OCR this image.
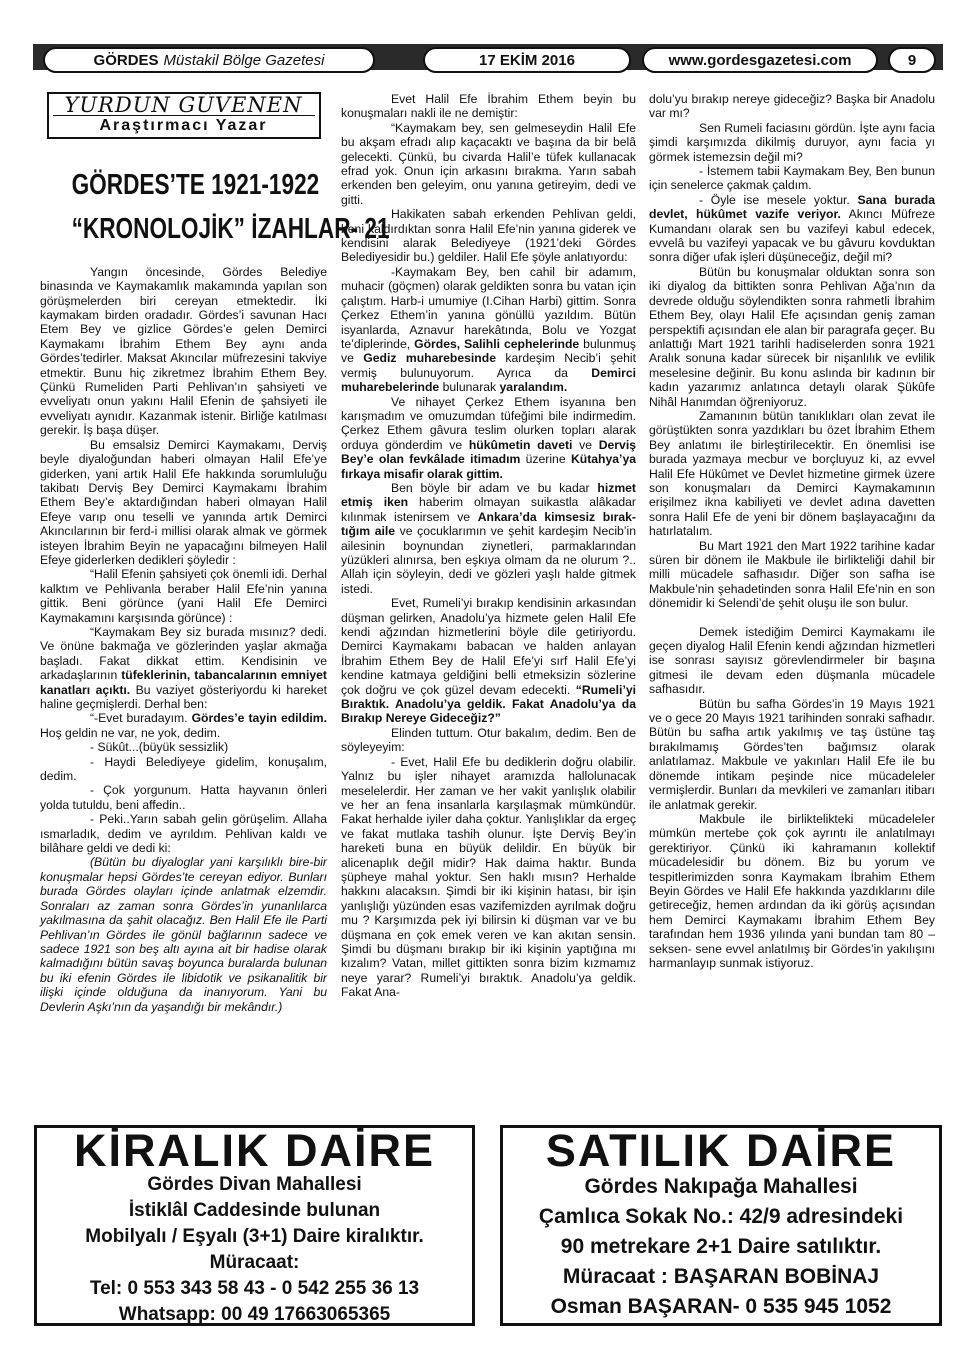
GÖRDES Müstakil Bölge Gazetesi	17 EKİM 2016	www.gordesgazetesi.com	9
YURDUN GÜVENEN
Araştırmacı Yazar
GÖRDES’TE 1921-1922
“KRONOLOJİK” İZAHLAR- 21

Yangın öncesinde, Gördes Belediye binasında ve Kaymakamlık makamında yapılan son görüşmelerden biri cereyan etmektedir. İki kaymakam birden oradadır. Gördes’i savunan Hacı Etem Bey ve gizlice Gördes’e gelen Demirci Kaymakamı İbrahim Ethem Bey aynı anda Gördes’tedirler. Maksat Akıncılar müfrezesini takviye etmektir. Bunu hiç zikretmez İbrahim Ethem Bey. Çünkü Rumeliden Parti Pehlivan’ın şahsiyeti ve evveliyatı onun yakını Halil Efenin de şahsiyeti ile evveliyatı aynıdır. Kazanmak istenir. Birliğe katılması gerekir. İş başa düşer.

Bu emsalsiz Demirci Kaymakamı, Derviş beyle diyaloğundan haberi olmayan Halil Efe’ye giderken, yani artık Halil Efe hakkında sorumluluğu takibatı Derviş Bey Demirci Kaymakamı İbrahim Ethem Bey’e aktardığından haberi olmayan Halil Efeye varıp onu teselli ve yanında artık Demirci Akıncılarının bir ferd-i millisi olarak almak ve görmek isteyen İbrahim Beyin ne yapacağını bilmeyen Halil Efeye giderlerken dedikleri şöyledir :

“Halil Efenin şahsiyeti çok önemli idi. Derhal kalktım ve Pehlivanla beraber Halil Efe’nin yanına gittik. Beni görünce (yani Halil Efe Demirci Kaymakamını karşısında görünce) :

“Kaymakam Bey siz burada mısınız? dedi. Ve önüne bakmağa ve gözlerinden yaşlar akmağa başladı. Fakat dikkat ettim. Kendisinin ve arkadaşlarının tüfeklerinin, tabancalarının emniyet kanatları açıktı. Bu vaziyet gösteriyordu ki hareket haline geçmişlerdi. Derhal ben:

“-Evet buradayım. Gördes’e tayin edildim. Hoş geldin ne var, ne yok, dedim.

- Sükût...(büyük sessizlik)

- Haydi Belediyeye gidelim, konuşalım, dedim.

- Çok yorgunum. Hatta hayvanın önleri yolda tutuldu, beni affedin..

- Peki..Yarın sabah gelin görüşelim. Allaha ısmarladık, dedim ve ayrıldım. Pehlivan kaldı ve bilâhare geldi ve dedi ki:

(Bütün bu diyaloglar yani karşılıklı bire-bir konuşmalar hepsi Gördes’te cereyan ediyor. Bunları burada Gördes olayları içinde anlatmak elzemdir. Sonraları az zaman sonra Gördes’in yunanlılarca yakılmasına da şahit olacağız. Ben Halil Efe ile Parti Pehlivan’ın Gördes ile gönül bağlarının sadece ve sadece 1921 son beş altı ayına ait bir hadise olarak kalmadığını bütün savaş boyunca buralarda bulunan bu iki efenin Gördes ile libidotik ve psikanalitik bir ilişki içinde olduğuna da inanıyorum. Yani bu Devlerin Aşkı’nın da yaşandığı bir mekândır.)

Evet Halil Efe İbrahim Ethem beyin bu konuşmaları nakli ile ne demiştir:

“Kaymakam bey, sen gelmeseydin Halil Efe bu akşam efradı alıp kaçacaktı ve başına da bir belâ gelecekti. Çünkü, bu civarda Halil’e tüfek kullanacak efrad yok. Onun için arkasını bırakma. Yarın sabah erkenden ben geleyim, onu yanına getireyim, dedi ve gitti.

Hakikaten sabah erkenden Pehlivan geldi, beni kaldırdıktan sonra Halil Efe’nin yanına giderek ve kendisini alarak Belediyeye (1921’deki Gördes Belediyesidir bu.) geldiler. Halil Efe şöyle anlatıyordu:

-Kaymakam Bey, ben cahil bir adamım, muhacir (göçmen) olarak geldikten sonra bu vatan için çalıştım. Harb-i umumiye (I.Cihan Harbi) gittim. Sonra Çerkez Ethem’in yanına gönüllü yazıldım. Bütün isyanlarda, Aznavur harekâtında, Bolu ve Yozgat te’diplerinde, Gördes, Salihli cephelerinde bulunmuş ve Gediz muharebesinde kardeşim Necib’i şehit vermiş bulunuyorum. Ayrıca da Demirci muharebelerinde bulunarak yaralandım.

Ve nihayet Çerkez Ethem isyanına ben karışmadım ve omuzumdan tüfeğimi bile indirmedim. Çerkez Ethem gâvura teslim olurken topları alarak orduya gönderdim ve hükûmetin daveti ve Derviş Bey’e olan fevkâlade itimadım üzerine Kütahya’ya fırkaya misafir olarak gittim.

Ben böyle bir adam ve bu kadar hizmet etmiş iken haberim olmayan suikastla alâkadar kılınmak istenirsem ve Ankara’da kimsesiz bırak-tığım aile ve çocuklarımın ve şehit kardeşim Necib’in ailesinin boynundan ziynetleri, parmaklarından yüzükleri alınırsa, ben eşkıya olmam da ne olurum ?.. Allah için söyleyin, dedi ve gözleri yaşlı halde gitmek istedi.

Evet, Rumeli’yi bırakıp kendisinin arkasından düşman gelirken, Anadolu’ya hizmete gelen Halil Efe kendi ağzından hizmetlerini böyle dile getiriyordu. Demirci Kaymakamı babacan ve halden anlayan İbrahim Ethem Bey de Halil Efe’yi sırf Halil Efe’yi kendine katmaya geldiğini belli etmeksizin sözlerine çok doğru ve çok güzel devam edecekti. “Rumeli’yi Bıraktık. Anadolu’ya geldik. Fakat Anadolu’ya da Bırakıp Nereye Gideceğiz?”

Elinden tuttum. Otur bakalım, dedim. Ben de söyleyeyim:

- Evet, Halil Efe bu dediklerin doğru olabilir. Yalnız bu işler nihayet aramızda hallolunacak meselelerdir. Her zaman ve her vakit yanlışlık olabilir ve her an fena insanlarla karşılaşmak mümkündür. Fakat herhalde iyiler daha çoktur. Yanlışlıklar da ergeç ve fakat mutlaka tashih olunur. İşte Derviş Bey’in hareketi buna en büyük delildir. En büyük bir alicenaplık değil midir? Hak daima haktır. Bunda şüpheye mahal yoktur. Sen haklı mısın? Herhalde hakkını alacaksın. Şimdi bir iki kişinin hatası, bir işin yanlışlığı yüzünden esas vazifemizden ayrılmak doğru mu ? Karşımızda pek iyi bilirsin ki düşman var ve bu düşmana en çok emek veren ve kan akıtan sensin. Şimdi bu düşmanı bırakıp bir iki kişinin yaptığına mı kızalım? Vatan, millet gittikten sonra bizim kızmamız neye yarar? Rumeli’yi bıraktık. Anadolu’ya geldik. Fakat Ana-

dolu’yu bırakıp nereye gideceğiz? Başka bir Anadolu var mı?

Sen Rumeli faciasını gördün. İşte aynı facia şimdi karşımızda dikilmiş duruyor, aynı facia yı görmek istemezsin değil mi?

- İstemem tabii Kaymakam Bey, Ben bunun için senelerce çakmak çaldım.

- Öyle ise mesele yoktur. Sana burada devlet, hükûmet vazife veriyor. Akıncı Müfreze Kumandanı olarak sen bu vazifeyi kabul edecek, evvelâ bu vazifeyi yapacak ve bu gâvuru kovduktan sonra diğer ufak işleri düşüneceğiz, değil mi?

Bütün bu konuşmalar olduktan sonra son iki diyalog da bittikten sonra Pehlivan Ağa’nın da devrede olduğu söylendikten sonra rahmetli İbrahim Ethem Bey, olayı Halil Efe açısından geniş zaman perspektifi açısından ele alan bir paragrafa geçer. Bu anlattığı Mart 1921 tarihli hadiselerden sonra 1921 Aralık sonuna kadar sürecek bir nişanlılık ve evlilik meselesine değinir. Bu konu aslında bir kadının bir kadın yazarımız anlatınca detaylı olarak Şükûfe Nihâl Hanımdan öğreniyoruz.

Zamanının bütün tanıklıkları olan zevat ile görüştükten sonra yazdıkları bu özet İbrahim Ethem Bey anlatımı ile birleştirilecektir. En önemlisi ise burada yazmaya mecbur ve borçluyuz ki, az evvel Halil Efe Hükûmet ve Devlet hizmetine girmek üzere son konuşmaları da Demirci Kaymakamının erişilmez ikna kabiliyeti ve devlet adına davetten sonra Halil Efe de yeni bir dönem başlayacağını da hatırlatalım.

Bu Mart 1921 den Mart 1922 tarihine kadar süren bir dönem ile Makbule ile birlikteliği dahil bir milli mücadele safhasıdır. Diğer son safha ise Makbule’nin şehadetinden sonra Halil Efe’nin en son dönemidir ki Selendi’de şehit oluşu ile son bulur.

Demek istediğim Demirci Kaymakamı ile geçen diyalog Halil Efenin kendi ağzından hizmetleri ise sonrası sayısız görevlendirmeler bir başına gitmesi ile devam eden düşmanla mücadele safhasıdır.

Bütün bu safha Gördes’in 19 Mayıs 1921 ve o gece 20 Mayıs 1921 tarihinden sonraki safhadır. Bütün bu safha artık yakılmış ve taş üstüne taş bırakılmamış Gördes’ten bağımsız olarak anlatılamaz. Makbule ve yakınları Halil Efe ile bu dönemde intikam peşinde nice mücadeleler vermişlerdir. Bunları da mevkileri ve zamanları itibarı ile anlatmak gerekir.

Makbule ile birliktelikteki mücadeleler mümkün mertebe çok çok ayrıntı ile anlatılmayı gerektiriyor. Çünkü iki kahramanın kollektif mücadelesidir bu dönem. Biz bu yorum ve tespitlerimizden sonra Kaymakam İbrahim Ethem Beyin Gördes ve Halil Efe hakkında yazdıklarını dile getireceğiz, hemen ardından da iki görüş açısından hem Demirci Kaymakamı İbrahim Ethem Bey tarafından hem 1936 yılında yani bundan tam 80 –seksen- sene evvel anlatılmış bir Gördes’in yakılışını harmanlayıp sunmak istiyoruz.

KİRALIK DAİRE
Gördes Divan Mahallesi
İstiklâl Caddesinde bulunan
Mobilyalı / Eşyalı (3+1) Daire kiralıktır.
Müracaat:
Tel: 0 553 343 58 43 - 0 542 255 36 13
Whatsapp: 00 49 17663065365
SATILIK DAİRE
Gördes Nakıpağa Mahallesi
Çamlıca Sokak No.: 42/9 adresindeki
90 metrekare 2+1 Daire satılıktır.
Müracaat : BAŞARAN BOBİNAJ
Osman BAŞARAN- 0 535 945 1052
